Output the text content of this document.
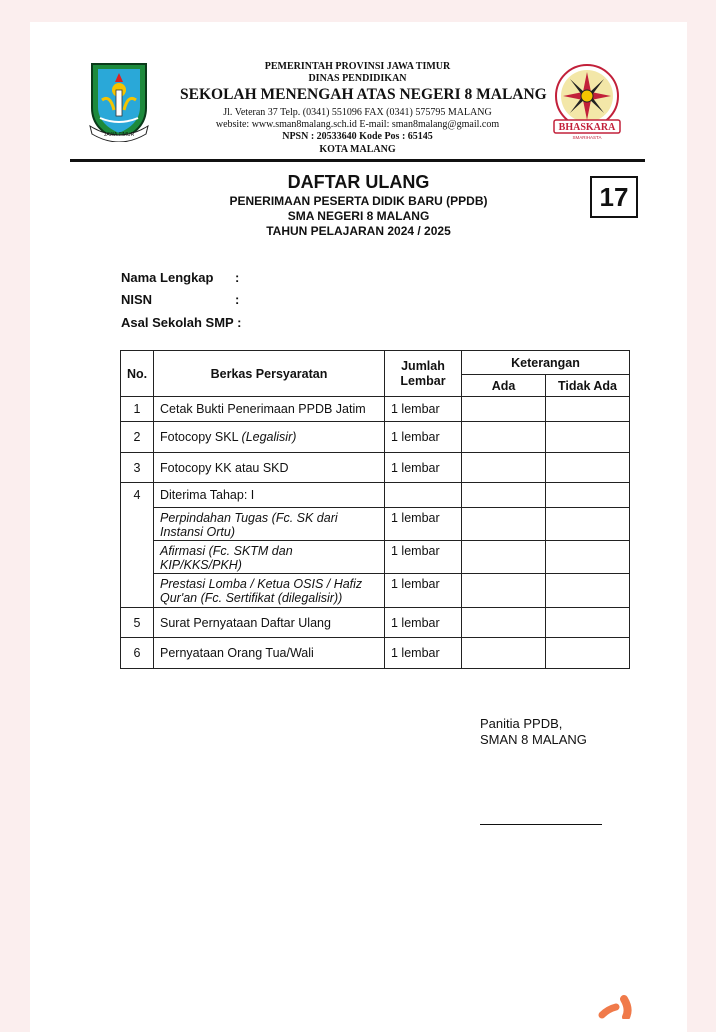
JAWA TIMUR
BHASKARA
SMARIHASTA
PEMERINTAH PROVINSI JAWA TIMUR
DINAS PENDIDIKAN
SEKOLAH MENENGAH ATAS NEGERI 8 MALANG
Jl. Veteran 37 Telp. (0341) 551096 FAX (0341) 575795 MALANG
website: www.sman8malang.sch.id E-mail: sman8malang@gmail.com
NPSN : 20533640 Kode Pos : 65145
KOTA MALANG
DAFTAR ULANG
PENERIMAAN PESERTA DIDIK BARU (PPDB)
SMA NEGERI 8 MALANG
TAHUN PELAJARAN 2024 / 2025
17
Nama Lengkap :
NISN	:
Asal Sekolah SMP :
No.	Berkas Persyaratan	Jumlah Lembar	Keterangan	
			Ada	Tidak Ada
1	Cetak Bukti Penerimaan PPDB Jatim	1 lembar		
2	Fotocopy SKL (Legalisir)	1 lembar		
3	Fotocopy KK atau SKD	1 lembar		
4	Diterima Tahap: I			
	Perpindahan Tugas (Fc. SK dari Instansi Ortu)	1 lembar		
	Afirmasi (Fc. SKTM dan KIP/KKS/PKH)	1 lembar		
	Prestasi Lomba / Ketua OSIS / Hafiz Qur'an (Fc. Sertifikat (dilegalisir))	1 lembar		
5	Surat Pernyataan Daftar Ulang	1 lembar		
6	Pernyataan Orang Tua/Wali	1 lembar		
Panitia PPDB,
SMAN 8 MALANG
